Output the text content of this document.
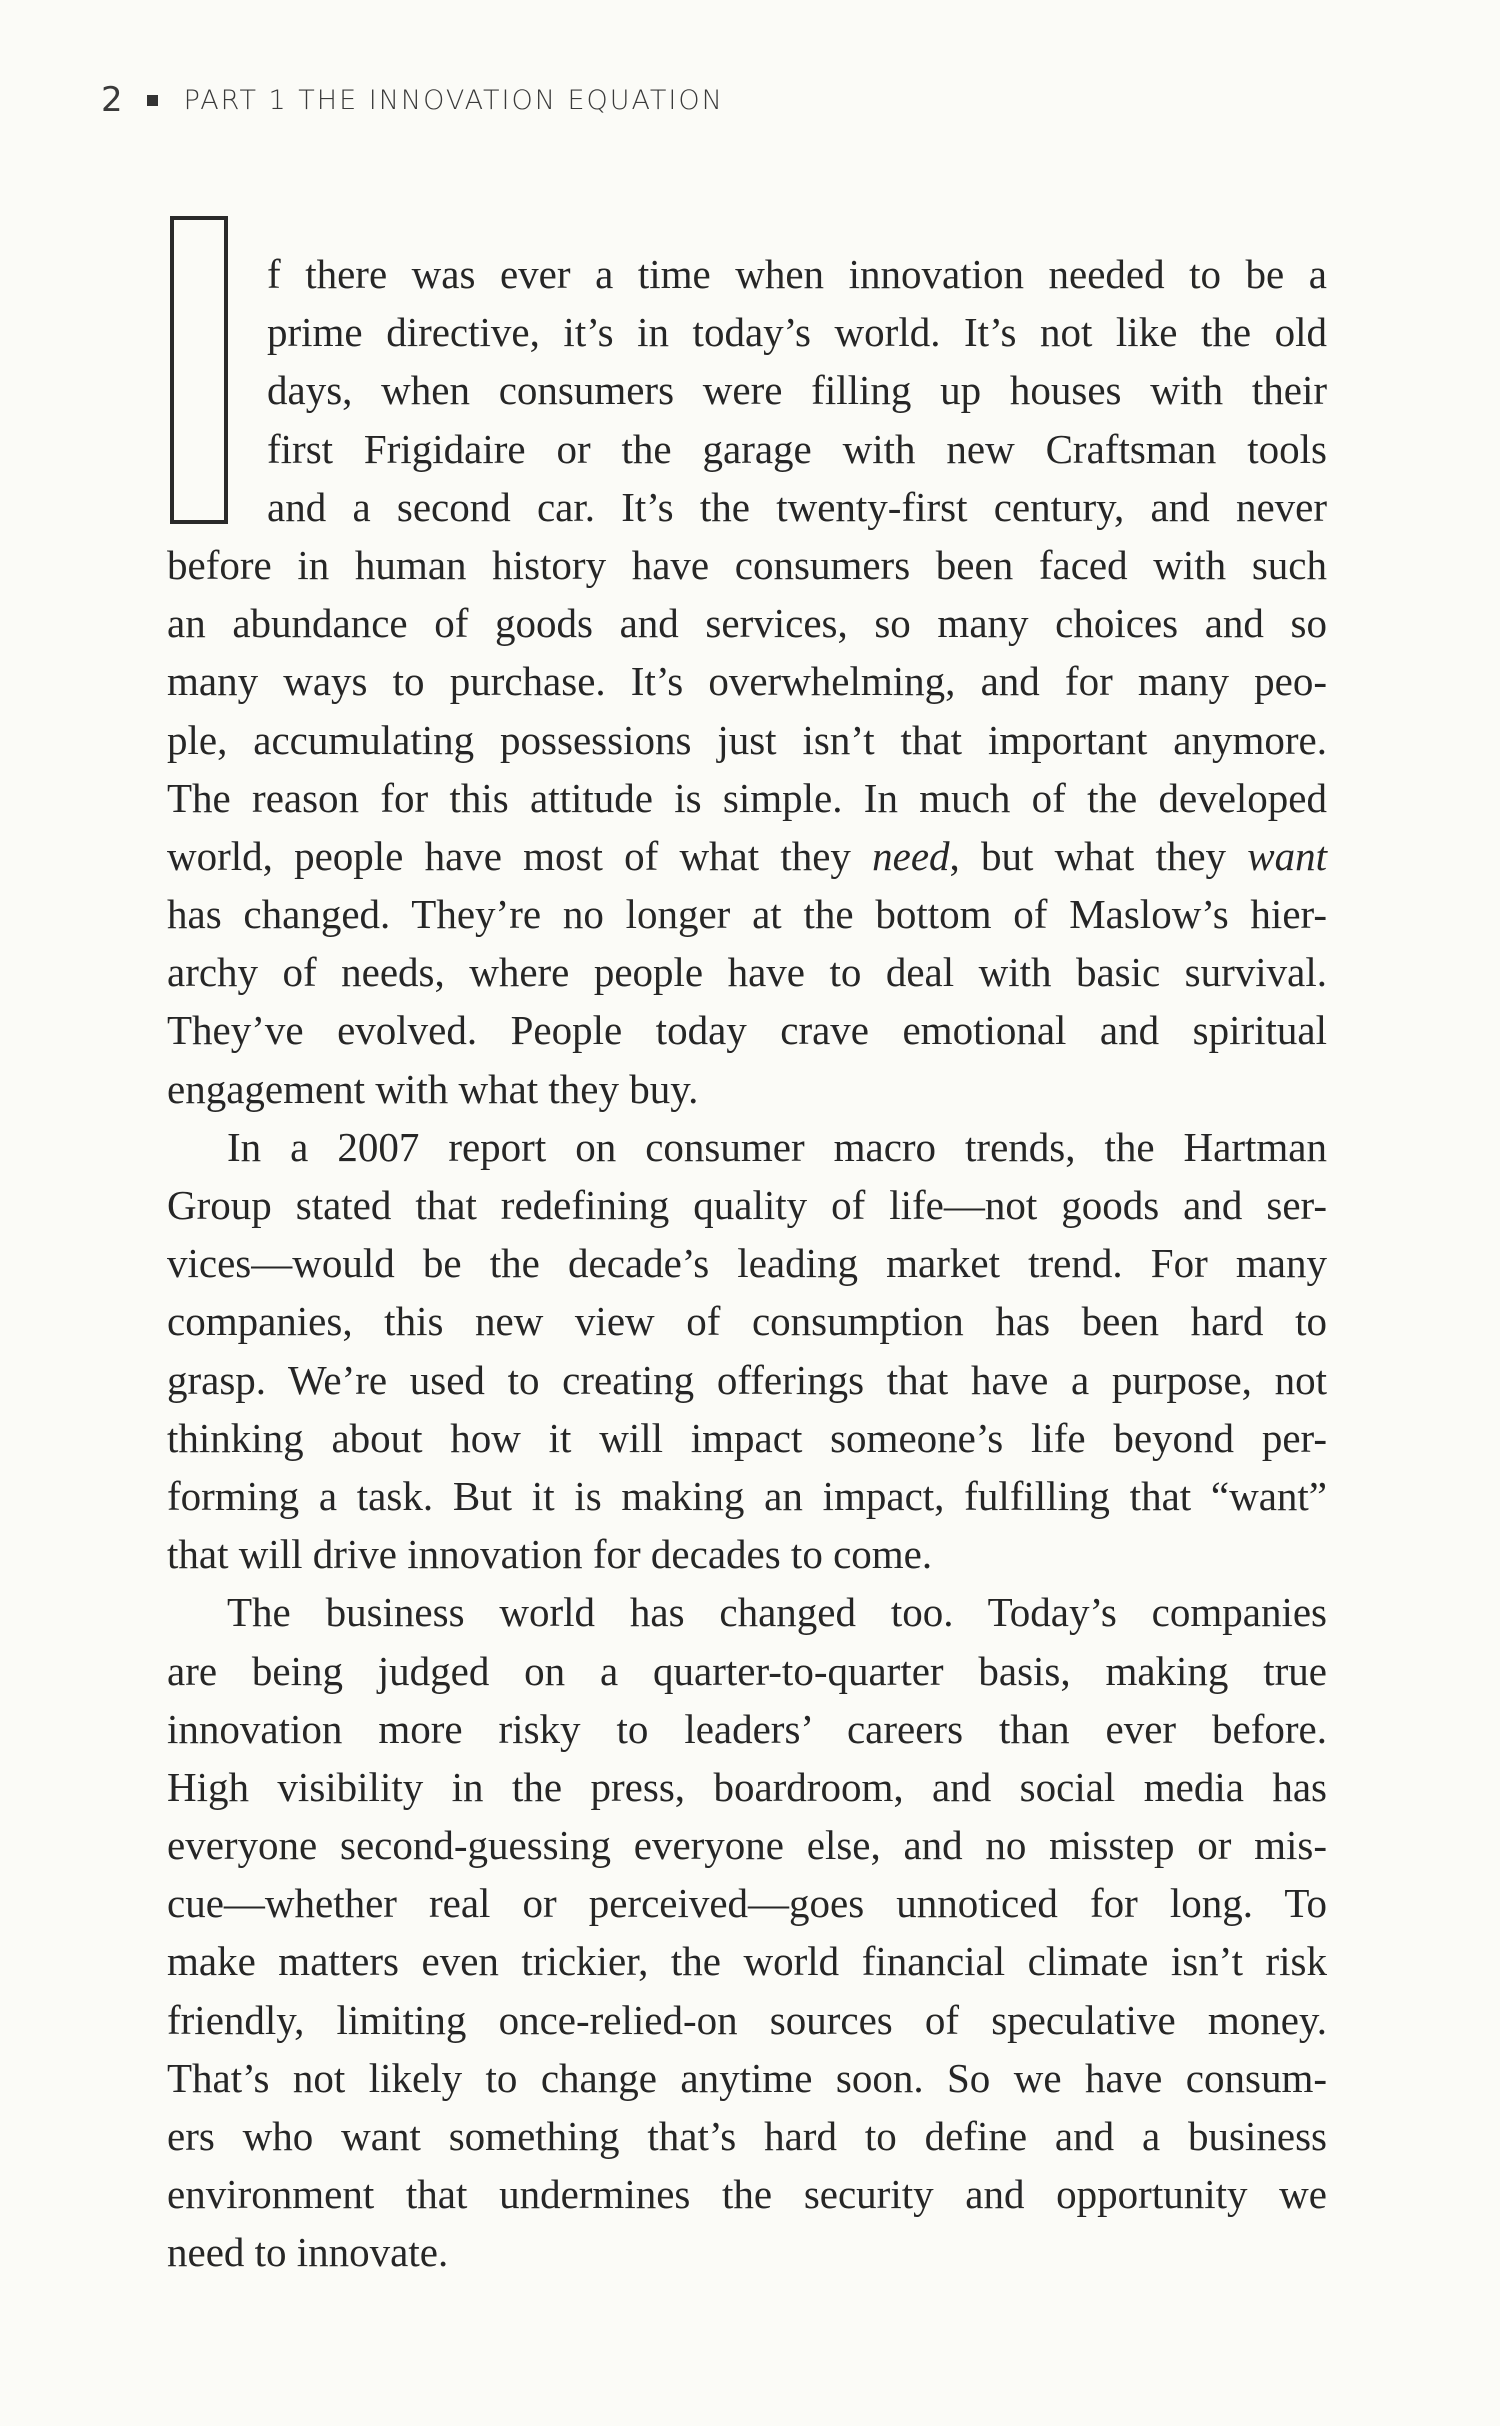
2 PART 1 THE INNOVATION EQUATION
f there was ever a time when innovation needed to be a
prime directive, it’s in today’s world. It’s not like the old
days, when consumers were filling up houses with their
first Frigidaire or the garage with new Craftsman tools
and a second car. It’s the twenty-first century, and never
before in human history have consumers been faced with such
an abundance of goods and services, so many choices and so
many ways to purchase. It’s overwhelming, and for many peo-
ple, accumulating possessions just isn’t that important anymore.
The reason for this attitude is simple. In much of the developed
world, people have most of what they need, but what they want
has changed. They’re no longer at the bottom of Maslow’s hier-
archy of needs, where people have to deal with basic survival.
They’ve evolved. People today crave emotional and spiritual
engagement with what they buy.
In a 2007 report on consumer macro trends, the Hartman
Group stated that redefining quality of life—not goods and ser-
vices—would be the decade’s leading market trend. For many
companies, this new view of consumption has been hard to
grasp. We’re used to creating offerings that have a purpose, not
thinking about how it will impact someone’s life beyond per-
forming a task. But it is making an impact, fulfilling that “want”
that will drive innovation for decades to come.
The business world has changed too. Today’s companies
are being judged on a quarter-to-quarter basis, making true
innovation more risky to leaders’ careers than ever before.
High visibility in the press, boardroom, and social media has
everyone second-guessing everyone else, and no misstep or mis-
cue—whether real or perceived—goes unnoticed for long. To
make matters even trickier, the world financial climate isn’t risk
friendly, limiting once-relied-on sources of speculative money.
That’s not likely to change anytime soon. So we have consum-
ers who want something that’s hard to define and a business
environment that undermines the security and opportunity we
need to innovate.
